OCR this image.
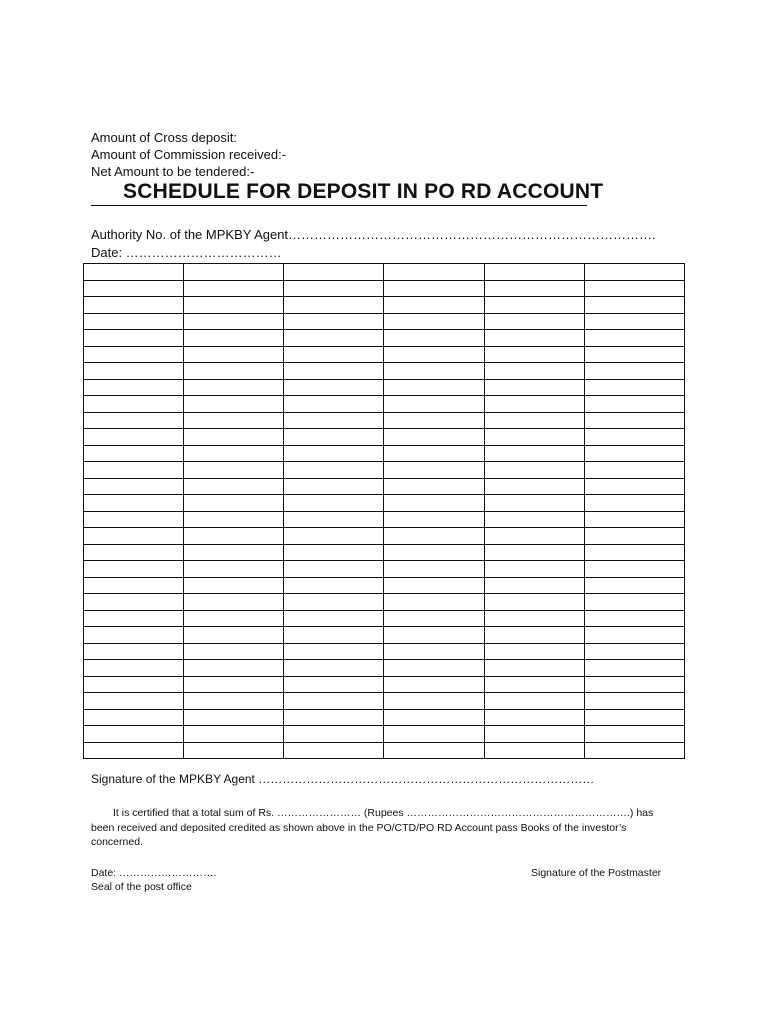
Amount of Cross deposit:
Amount of Commission received:-
Net Amount to be tendered:-
SCHEDULE FOR DEPOSIT IN PO RD ACCOUNT
Authority No. of the MPKBY Agent………………………………………………………………………….
Date: ………………………………

Signature of the MPKBY Agent …………………………………………………………………………
It is certified that a total sum of Rs. …………………… (Rupees ……………………………………………………….) has been received and deposited credited as shown above in the PO/CTD/PO RD Account pass Books of the investor’s concerned.
Date: ……………………….
Seal of the post office
Signature of the Postmaster
